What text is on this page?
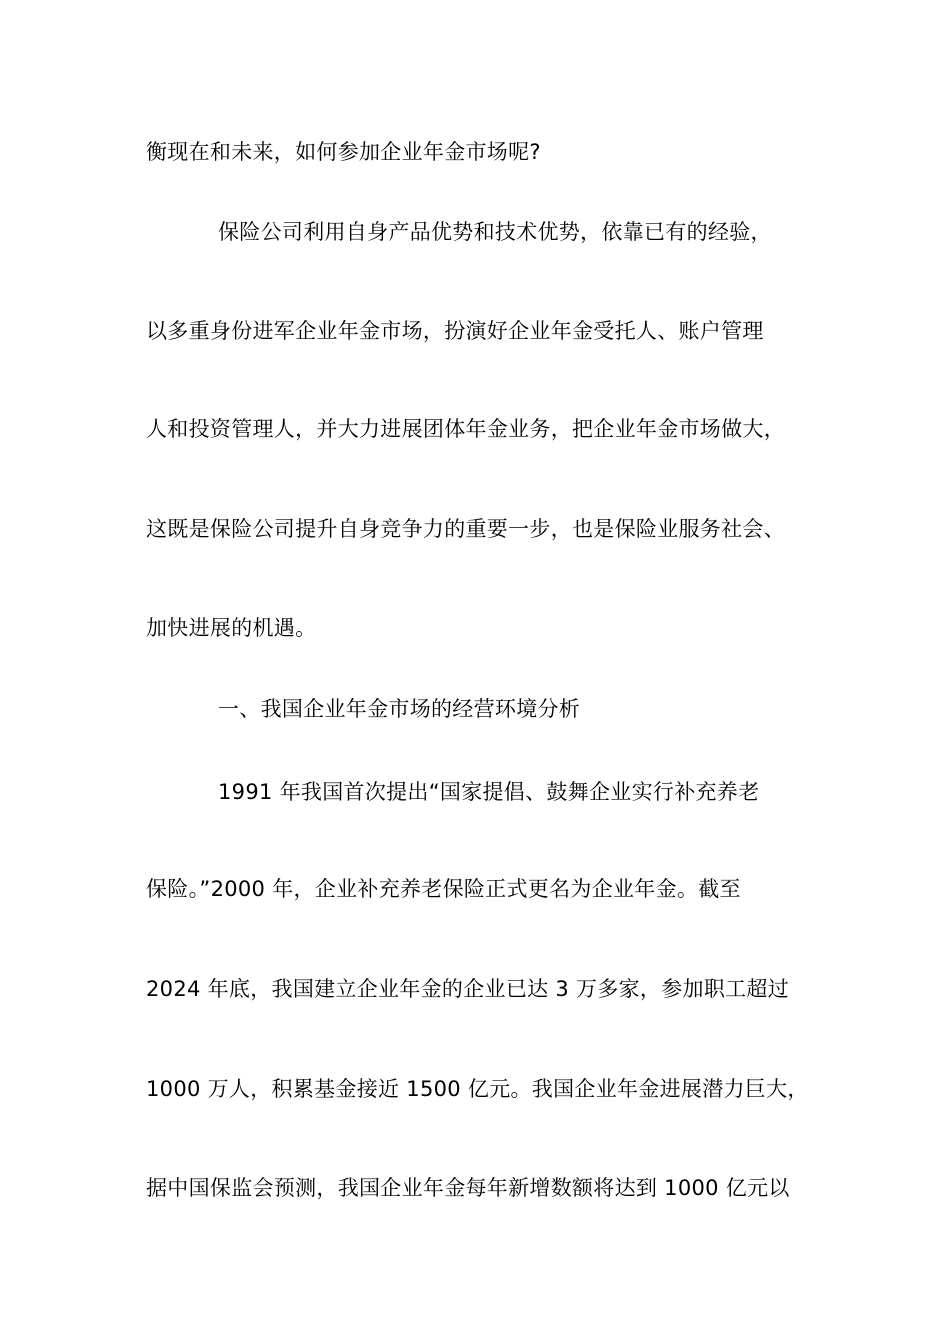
衡现在和未来，如何参加企业年金市场呢?
保险公司利用自身产品优势和技术优势，依靠已有的经验，
以多重身份进军企业年金市场，扮演好企业年金受托人、账户管理
人和投资管理人，并大力进展团体年金业务，把企业年金市场做大，
这既是保险公司提升自身竞争力的重要一步，也是保险业服务社会、
加快进展的机遇。
一、我国企业年金市场的经营环境分析
1991 年我国首次提出“国家提倡、鼓舞企业实行补充养老
保险。”2000 年，企业补充养老保险正式更名为企业年金。截至
2024 年底，我国建立企业年金的企业已达 3 万多家，参加职工超过
1000 万人，积累基金接近 1500 亿元。我国企业年金进展潜力巨大，
据中国保监会预测，我国企业年金每年新增数额将达到 1000 亿元以
